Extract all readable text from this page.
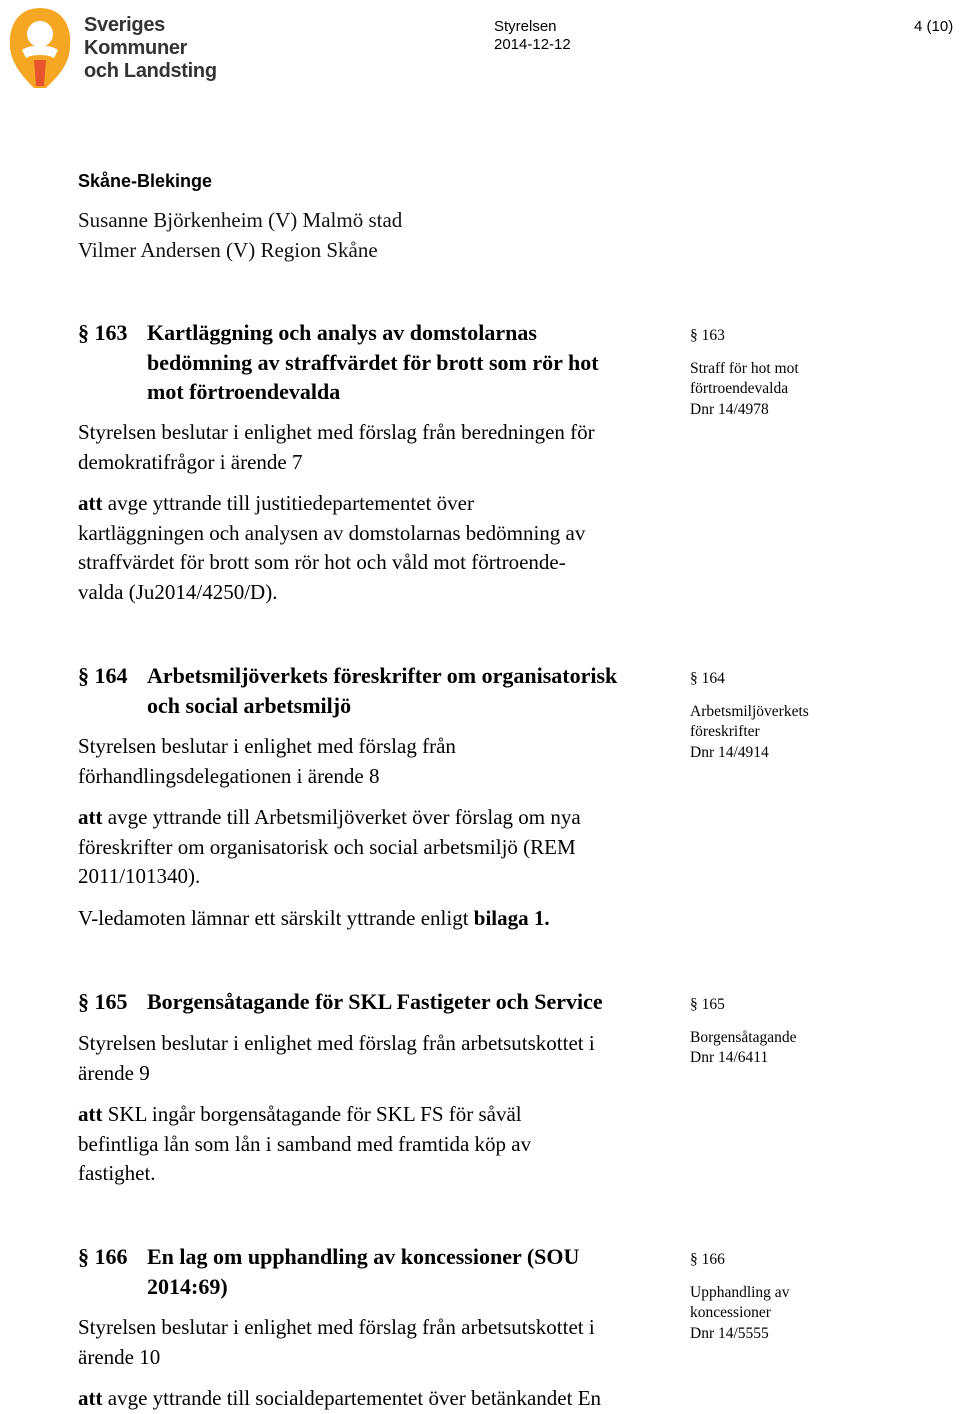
Sveriges
Kommuner
och Landsting
Styrelsen
2014-12-12
4 (10)
Skåne-Blekinge
Susanne Björkenheim (V) Malmö stad
Vilmer Andersen (V) Region Skåne
§ 163 Kartläggning och analys av domstolarnas
bedömning av straffvärdet för brott som rör hot
mot förtroendevalda
Styrelsen beslutar i enlighet med förslag från beredningen för
demokratifrågor i ärende 7
att avge yttrande till justitiedepartementet över
kartläggningen och analysen av domstolarnas bedömning av
straffvärdet för brott som rör hot och våld mot förtroende-
valda (Ju2014/4250/D).
§ 163
Straff för hot mot
förtroendevalda
Dnr 14/4978
§ 164 Arbetsmiljöverkets föreskrifter om organisatorisk
och social arbetsmiljö
Styrelsen beslutar i enlighet med förslag från
förhandlingsdelegationen i ärende 8
att avge yttrande till Arbetsmiljöverket över förslag om nya
föreskrifter om organisatorisk och social arbetsmiljö (REM
2011/101340).
V-ledamoten lämnar ett särskilt yttrande enligt bilaga 1.
§ 164
Arbetsmiljöverkets
föreskrifter
Dnr 14/4914
§ 165 Borgensåtagande för SKL Fastigeter och Service
Styrelsen beslutar i enlighet med förslag från arbetsutskottet i
ärende 9
att SKL ingår borgensåtagande för SKL FS för såväl
befintliga lån som lån i samband med framtida köp av
fastighet.
§ 165
Borgensåtagande
Dnr 14/6411
§ 166 En lag om upphandling av koncessioner (SOU
2014:69)
Styrelsen beslutar i enlighet med förslag från arbetsutskottet i
ärende 10
att avge yttrande till socialdepartementet över betänkandet En
§ 166
Upphandling av
koncessioner
Dnr 14/5555
